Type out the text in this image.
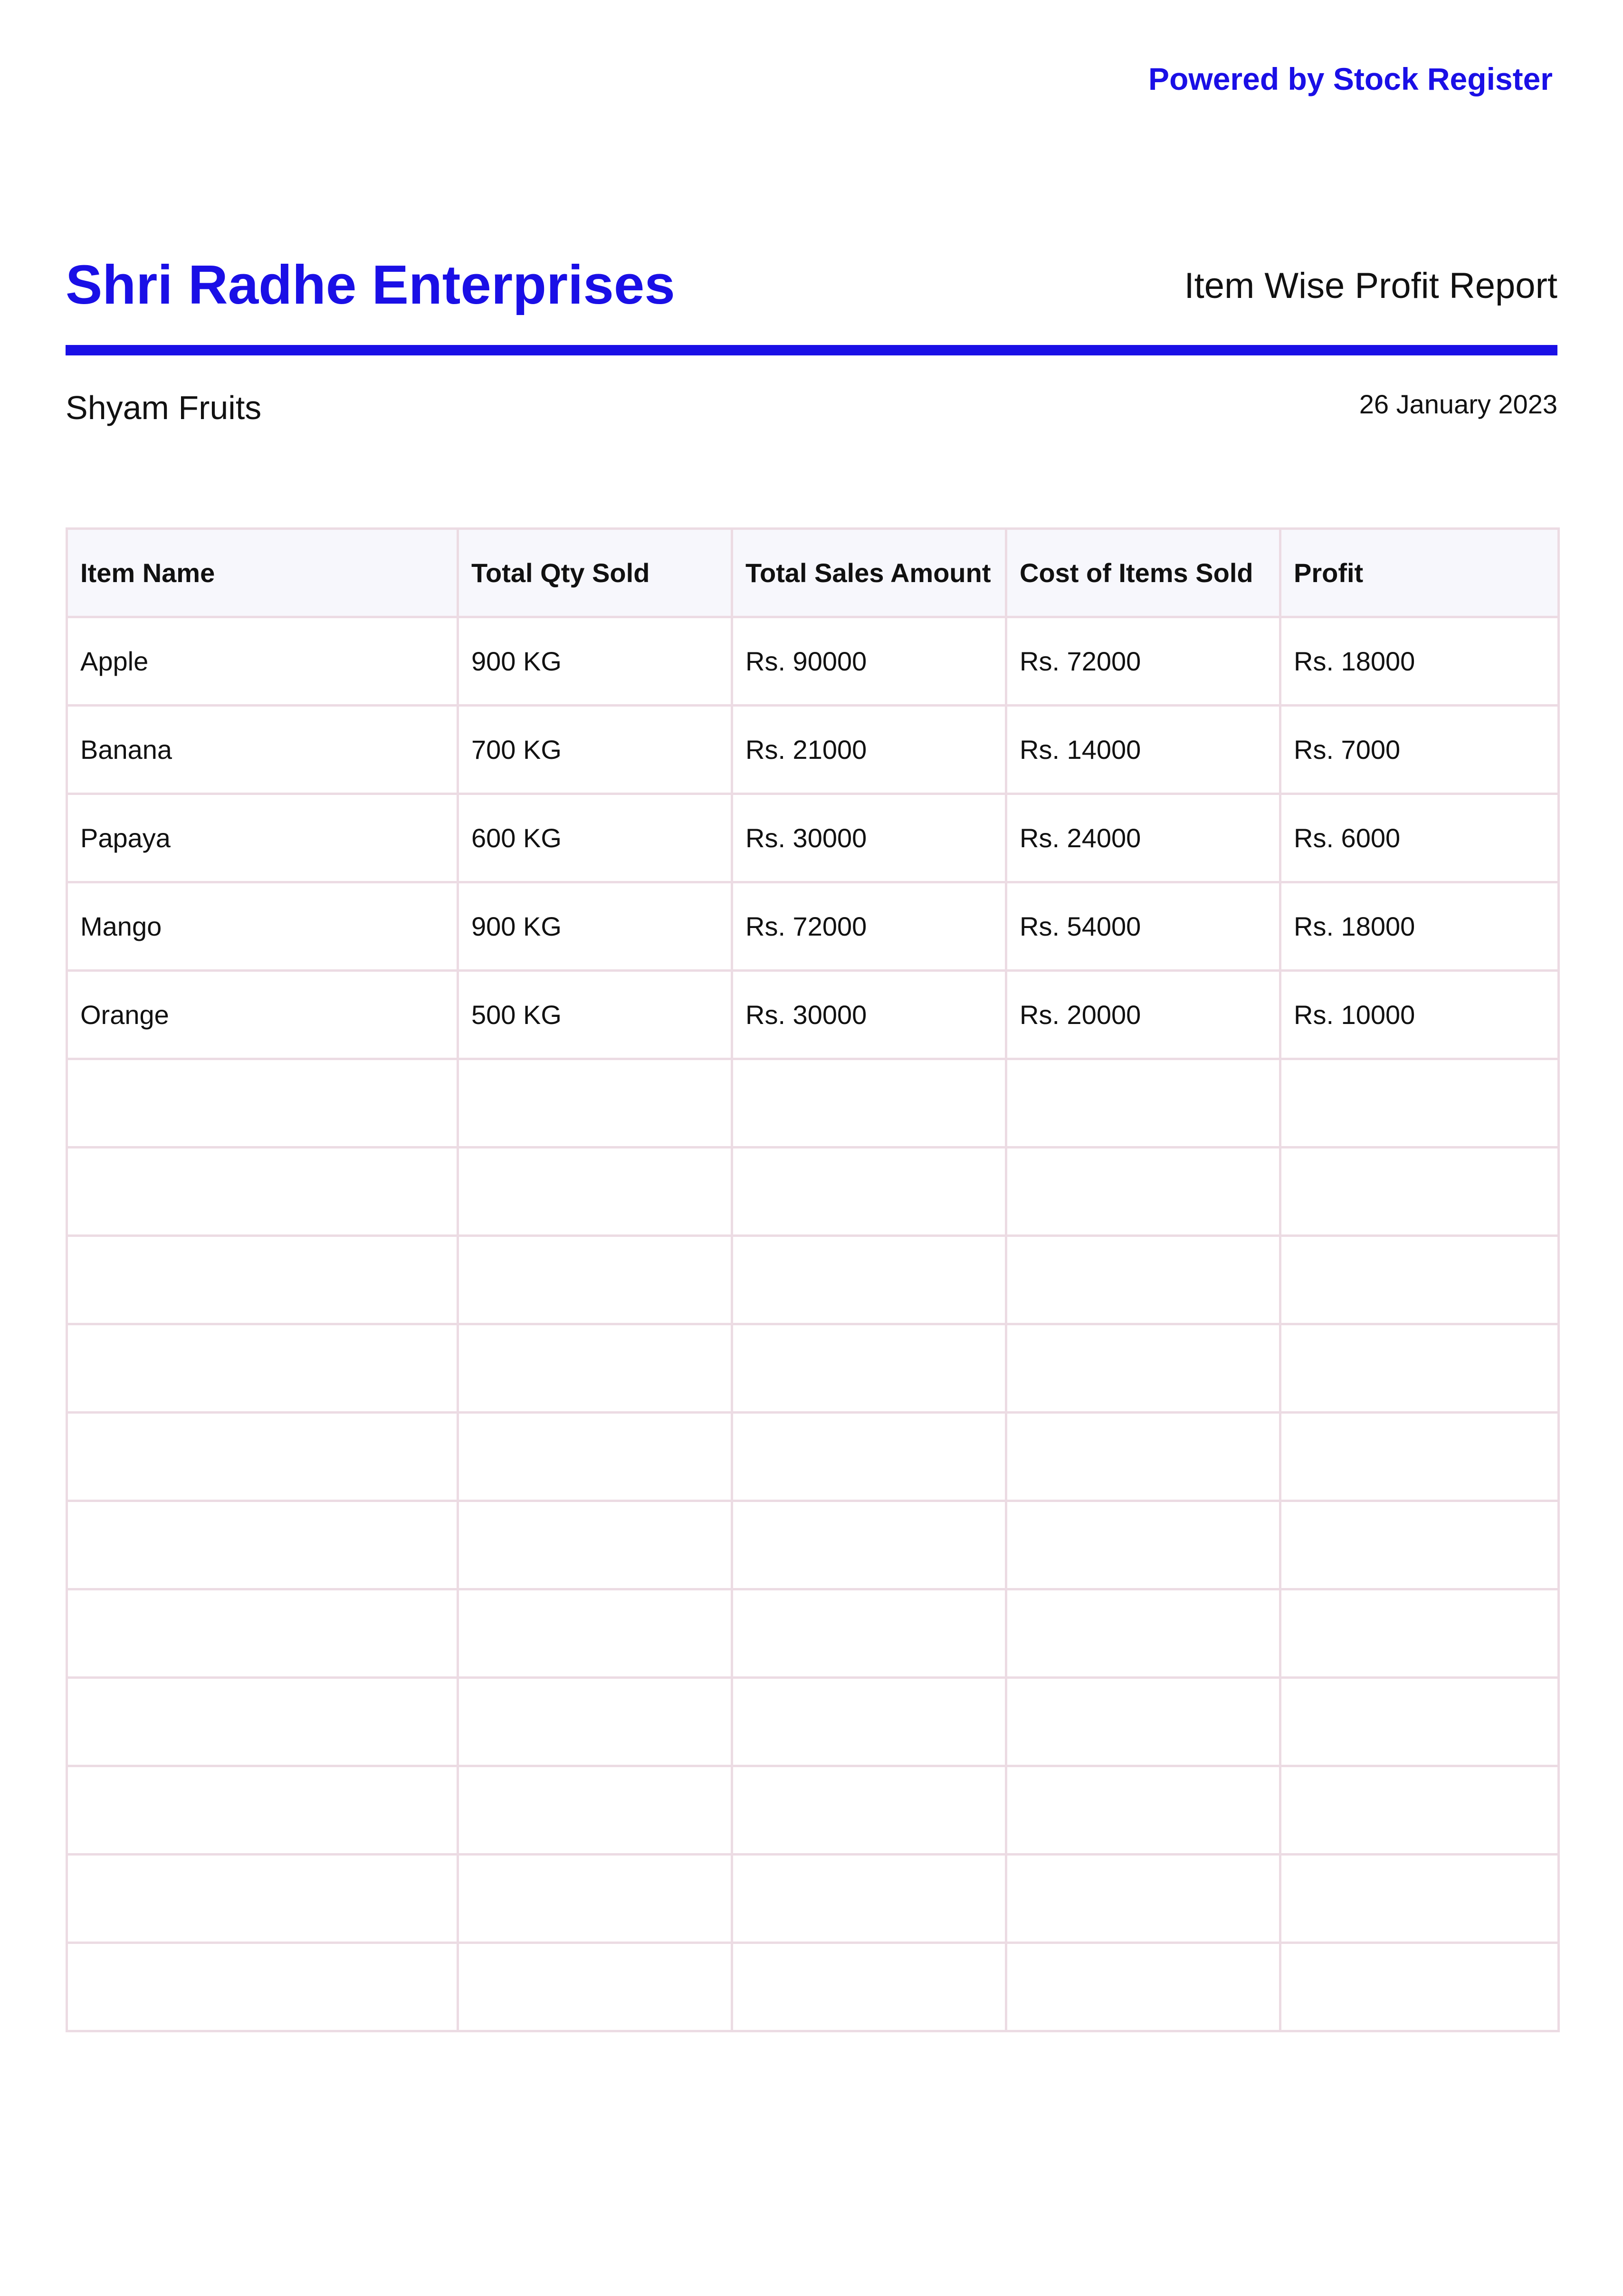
Powered by Stock Register
Shri Radhe Enterprises	Item Wise Profit Report
Shyam Fruits	26 January 2023
Item Name	Total Qty Sold	Total Sales Amount	Cost of Items Sold	Profit
Apple	900 KG	Rs. 90000	Rs. 72000	Rs. 18000
Banana	700 KG	Rs. 21000	Rs. 14000	Rs. 7000
Papaya	600 KG	Rs. 30000	Rs. 24000	Rs. 6000
Mango	900 KG	Rs. 72000	Rs. 54000	Rs. 18000
Orange	500 KG	Rs. 30000	Rs. 20000	Rs. 10000
